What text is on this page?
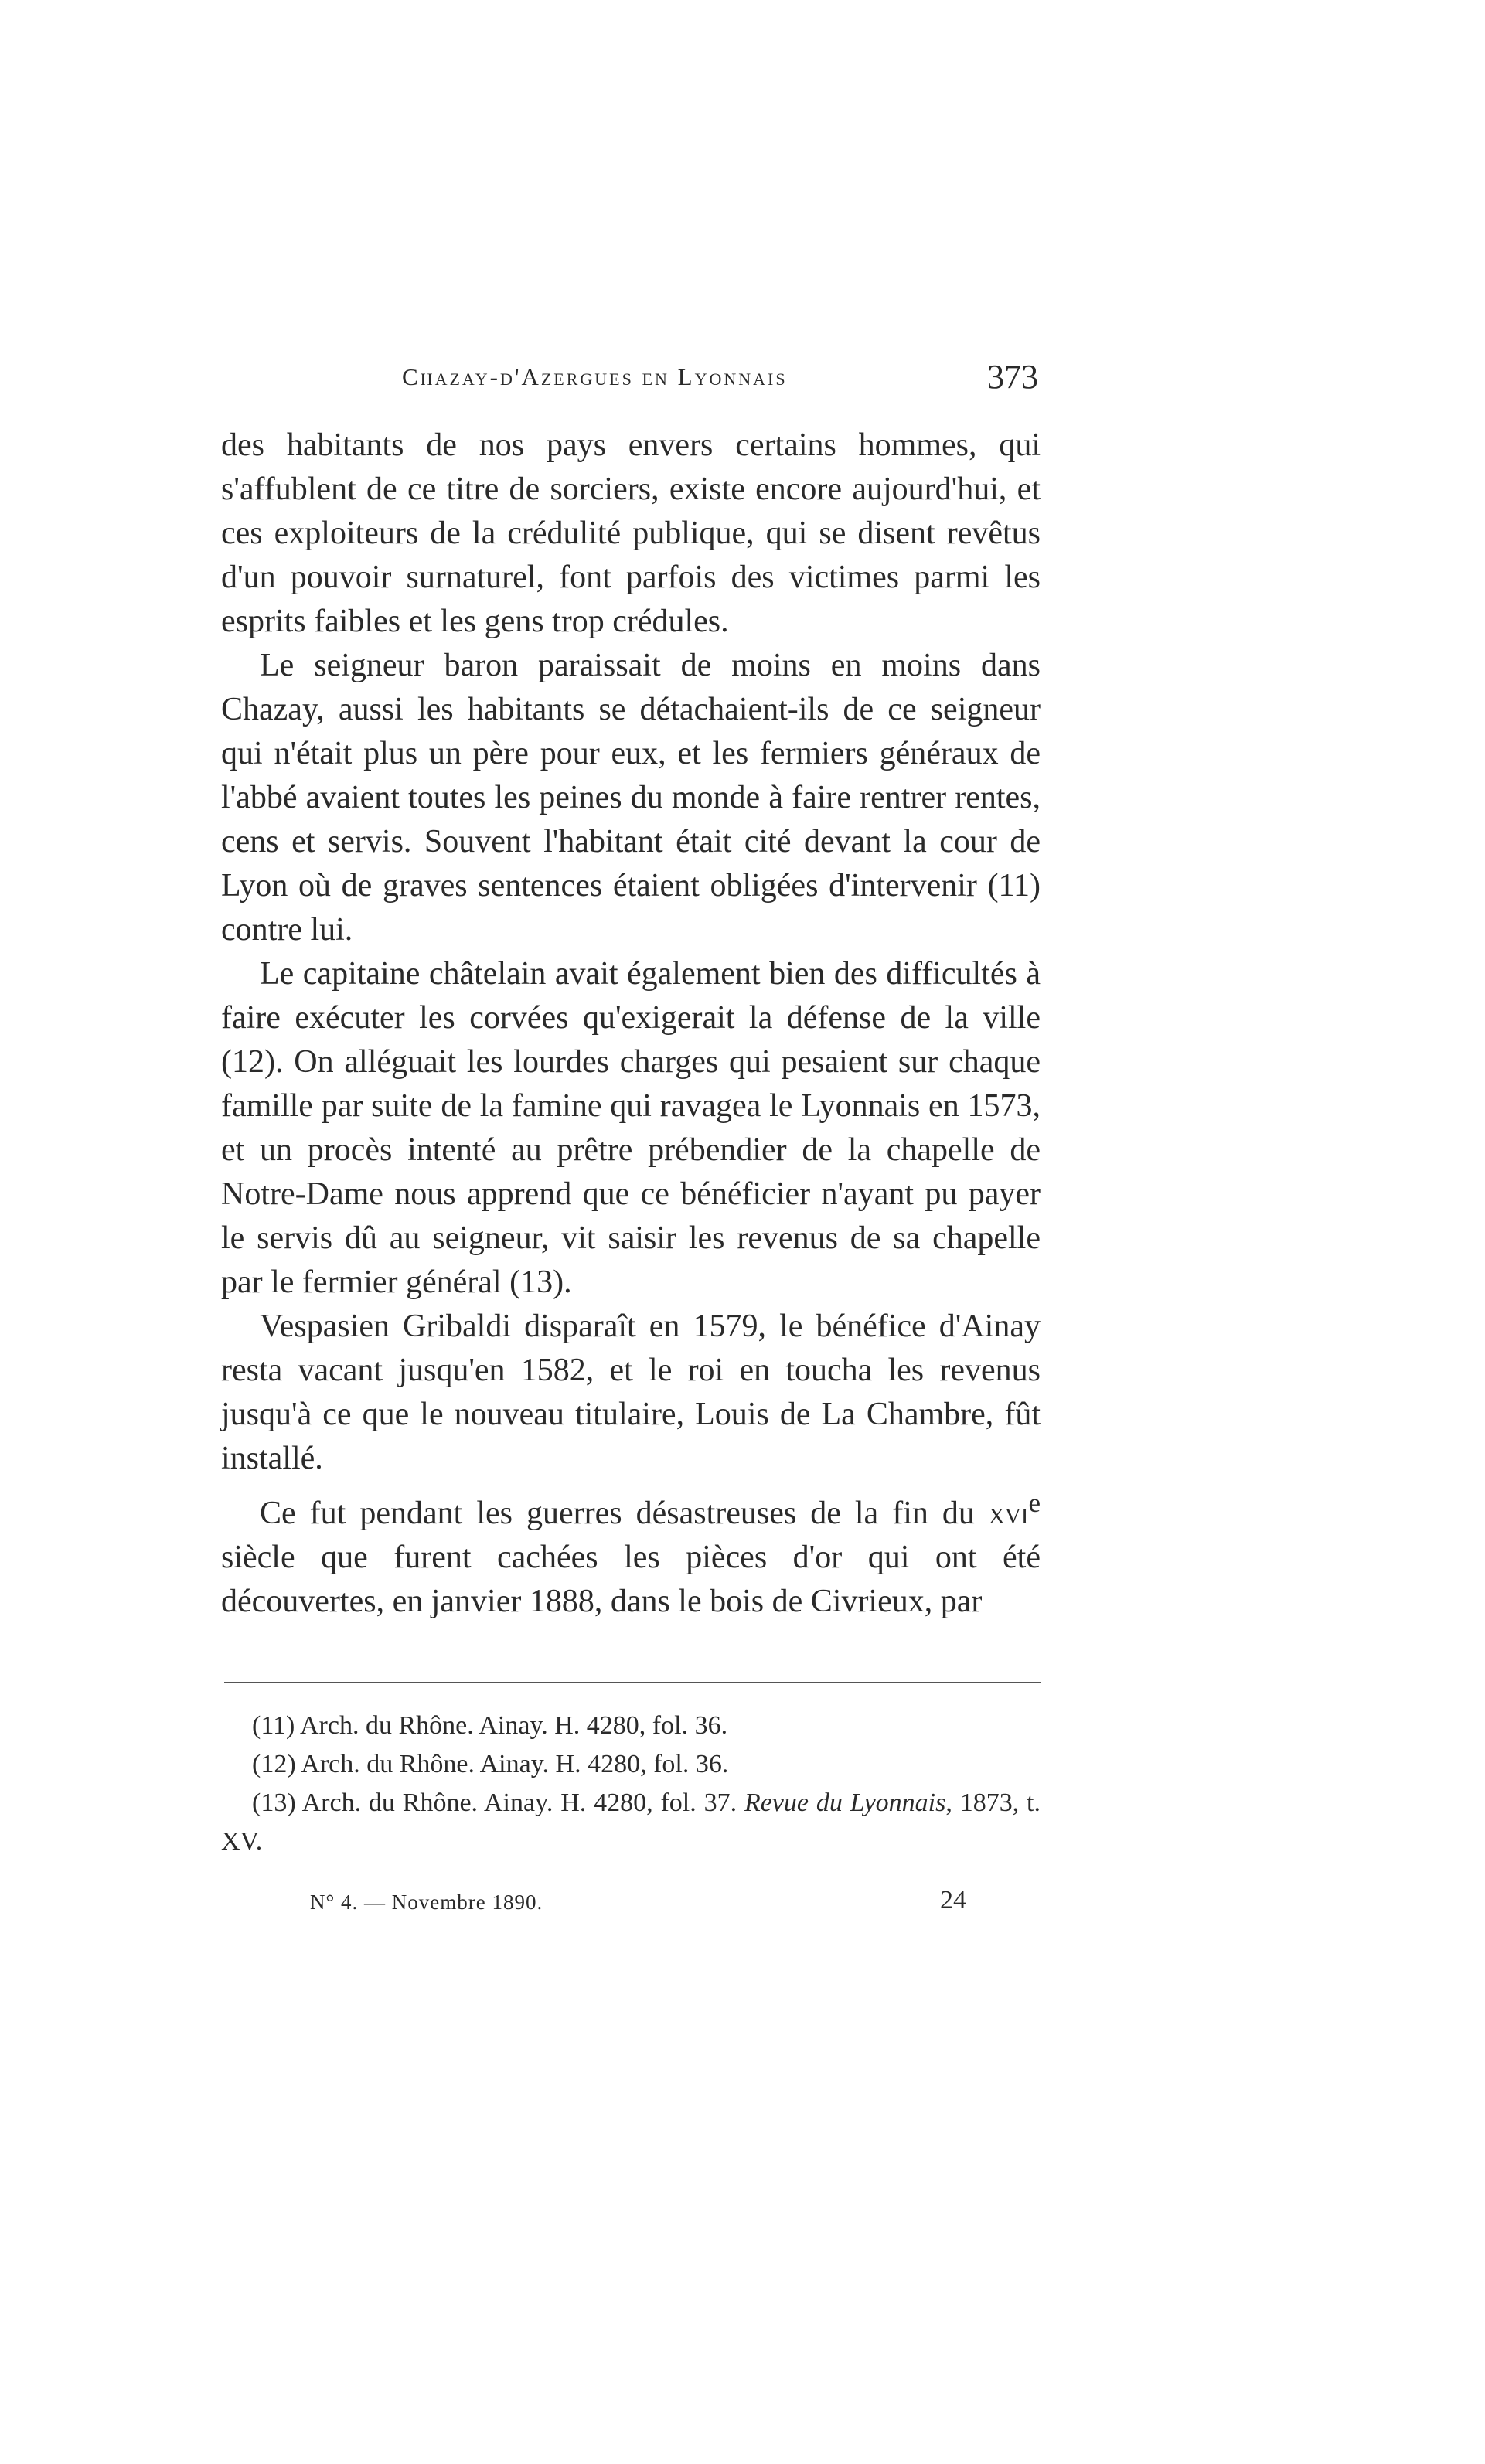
Chazay-d'Azergues en Lyonnais	373

des habitants de nos pays envers certains hommes, qui s'affublent de ce titre de sorciers, existe encore aujourd'hui, et ces exploiteurs de la crédulité publique, qui se disent revêtus d'un pouvoir surnaturel, font parfois des victimes parmi les esprits faibles et les gens trop crédules.

Le seigneur baron paraissait de moins en moins dans Chazay, aussi les habitants se détachaient-ils de ce seigneur qui n'était plus un père pour eux, et les fermiers généraux de l'abbé avaient toutes les peines du monde à faire rentrer rentes, cens et servis. Souvent l'habitant était cité devant la cour de Lyon où de graves sentences étaient obligées d'intervenir (11) contre lui.

Le capitaine châtelain avait également bien des difficultés à faire exécuter les corvées qu'exigerait la défense de la ville (12). On alléguait les lourdes charges qui pesaient sur chaque famille par suite de la famine qui ravagea le Lyonnais en 1573, et un procès intenté au prêtre prébendier de la chapelle de Notre-Dame nous apprend que ce bénéficier n'ayant pu payer le servis dû au seigneur, vit saisir les revenus de sa chapelle par le fermier général (13).

Vespasien Gribaldi disparaît en 1579, le bénéfice d'Ainay resta vacant jusqu'en 1582, et le roi en toucha les revenus jusqu'à ce que le nouveau titulaire, Louis de La Chambre, fût installé.

Ce fut pendant les guerres désastreuses de la fin du xvi$^e$ siècle que furent cachées les pièces d'or qui ont été découvertes, en janvier 1888, dans le bois de Civrieux, par

(11) Arch. du Rhône. Ainay. H. 4280, fol. 36.

(12) Arch. du Rhône. Ainay. H. 4280, fol. 36.

(13) Arch. du Rhône. Ainay. H. 4280, fol. 37. Revue du Lyonnais, 1873, t. XV.

N° 4. — Novembre 1890.	24
